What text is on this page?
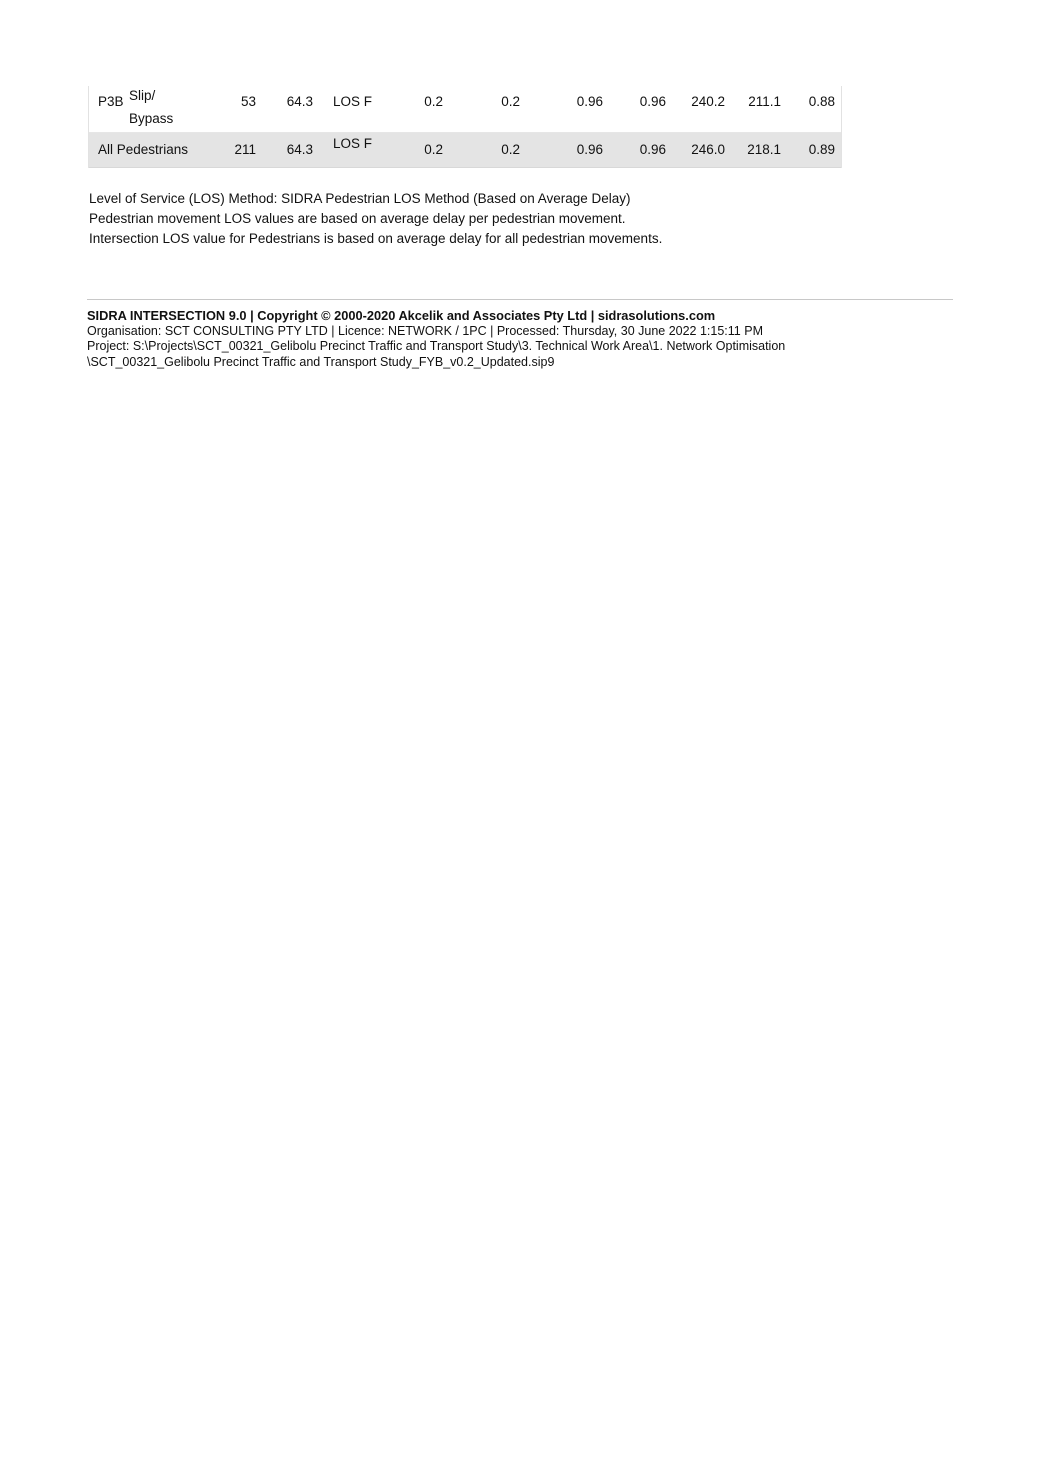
P3B Slip/
Bypass
53 64.3 LOS F	0.2	0.2	0.96	0.96 240.2 211.1 0.88
All Pedestrians	211 64.3 LOS F	0.2	0.2	0.96	0.96 246.0 218.1 0.89
Level of Service (LOS) Method: SIDRA Pedestrian LOS Method (Based on Average Delay)
Pedestrian movement LOS values are based on average delay per pedestrian movement.
Intersection LOS value for Pedestrians is based on average delay for all pedestrian movements.
SIDRA INTERSECTION 9.0 | Copyright © 2000-2020 Akcelik and Associates Pty Ltd | sidrasolutions.com
Organisation: SCT CONSULTING PTY LTD | Licence: NETWORK / 1PC | Processed: Thursday, 30 June 2022 1:15:11 PM
Project: S:\Projects\SCT_00321_Gelibolu Precinct Traffic and Transport Study\3. Technical Work Area\1. Network Optimisation
\SCT_00321_Gelibolu Precinct Traffic and Transport Study_FYB_v0.2_Updated.sip9
